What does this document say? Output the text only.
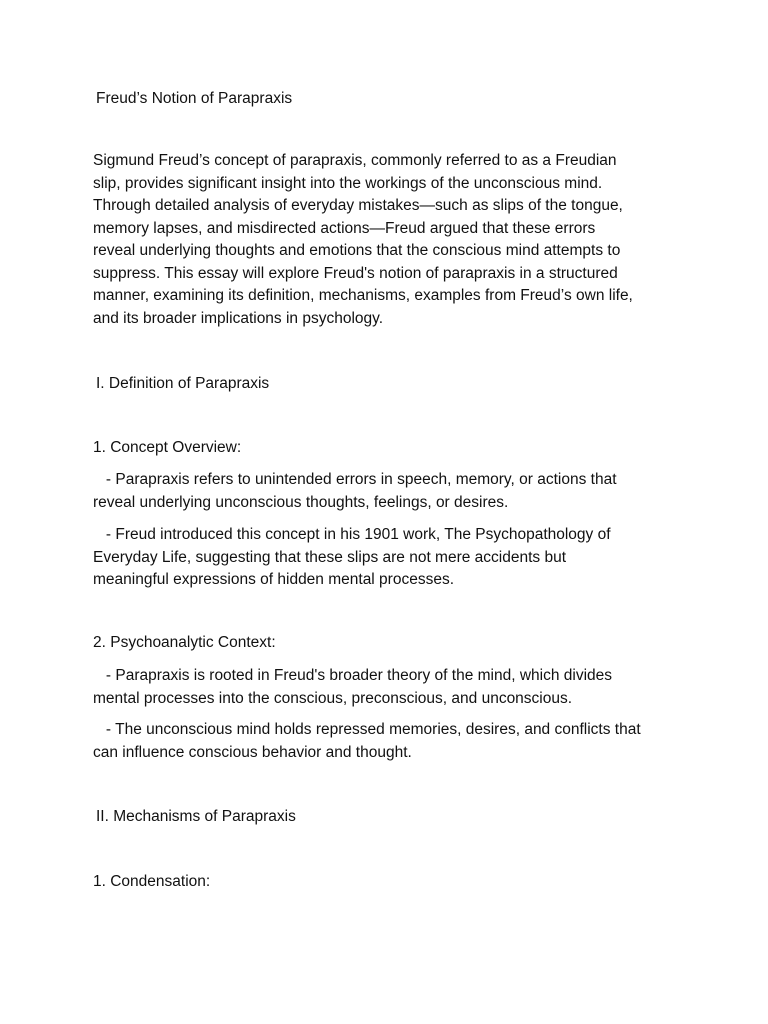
Freud’s Notion of Parapraxis
Sigmund Freud’s concept of parapraxis, commonly referred to as a Freudian
slip, provides significant insight into the workings of the unconscious mind.
Through detailed analysis of everyday mistakes—such as slips of the tongue,
memory lapses, and misdirected actions—Freud argued that these errors
reveal underlying thoughts and emotions that the conscious mind attempts to
suppress. This essay will explore Freud's notion of parapraxis in a structured
manner, examining its definition, mechanisms, examples from Freud’s own life,
and its broader implications in psychology.
I. Definition of Parapraxis
1. Concept Overview:
- Parapraxis refers to unintended errors in speech, memory, or actions that
reveal underlying unconscious thoughts, feelings, or desires.
- Freud introduced this concept in his 1901 work, The Psychopathology of
Everyday Life, suggesting that these slips are not mere accidents but
meaningful expressions of hidden mental processes.
2. Psychoanalytic Context:
- Parapraxis is rooted in Freud's broader theory of the mind, which divides
mental processes into the conscious, preconscious, and unconscious.
- The unconscious mind holds repressed memories, desires, and conflicts that
can influence conscious behavior and thought.
II. Mechanisms of Parapraxis
1. Condensation:
